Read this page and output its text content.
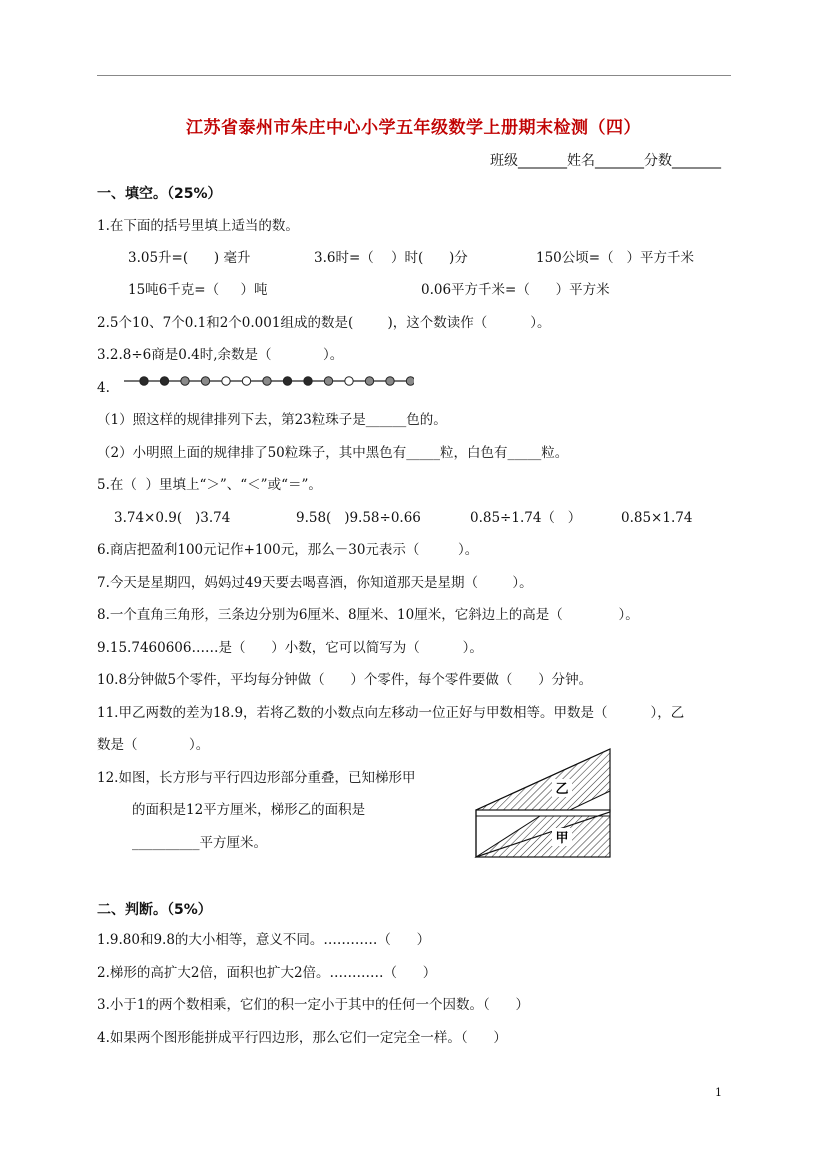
江苏省泰州市朱庄中心小学五年级数学上册期末检测（四）
班级_______姓名_______分数_______
一、填空。（25%）
1.在下面的括号里填上适当的数。
3.05升=(      ) 毫升	3.6时=（    ）时(      )分	150公顷=（   ）平方千米
15吨6千克=（     ）吨	0.06平方千米=（      ）平方米
2.5个10、7个0.1和2个0.001组成的数是(        )，这个数读作（          ）。
3.2.8÷6商是0.4时,余数是（            ）。
4.
（1）照这样的规律排列下去，第23粒珠子是______色的。
（2）小明照上面的规律排了50粒珠子，其中黑色有_____粒，白色有_____粒。
5.在（  ）里填上“＞”、“＜”或“＝”。
3.74×0.9(   )3.74	9.58(   )9.58÷0.66	0.85÷1.74（   ）	0.85×1.74
6.商店把盈利100元记作+100元，那么－30元表示（         ）。
7.今天是星期四，妈妈过49天要去喝喜酒，你知道那天是星期（        ）。
8.一个直角三角形，三条边分别为6厘米、8厘米、10厘米，它斜边上的高是（             ）。
9.15.7460606……是（      ）小数，它可以简写为（          ）。
10.8分钟做5个零件，平均每分钟做（      ）个零件，每个零件要做（      ）分钟。
11.甲乙两数的差为18.9，若将乙数的小数点向左移动一位正好与甲数相等。甲数是（          ），乙
数是（            ）。
12.如图，长方形与平行四边形部分重叠，已知梯形甲
的面积是12平方厘米，梯形乙的面积是
__________平方厘米。
乙
甲
二、判断。（5%）
1.9.80和9.8的大小相等，意义不同。…………（      ）
2.梯形的高扩大2倍，面积也扩大2倍。…………（      ）
3.小于1的两个数相乘，它们的积一定小于其中的任何一个因数。（      ）
4.如果两个图形能拼成平行四边形，那么它们一定完全一样。（      ）
1
